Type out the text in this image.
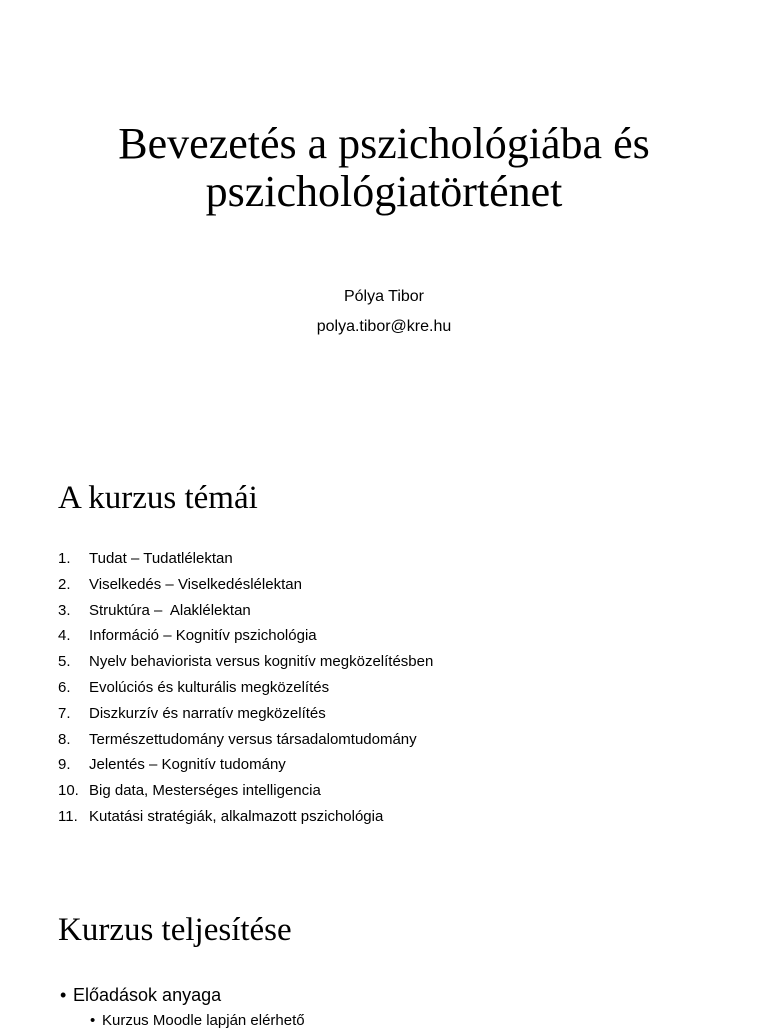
Bevezetés a pszichológiába és
pszichológiatörténet
Pólya Tibor
polya.tibor@kre.hu
A kurzus témái
1.	Tudat – Tudatlélektan
2.	Viselkedés – Viselkedéslélektan
3.	Struktúra –  Alaklélektan
4.	Információ – Kognitív pszichológia
5.	Nyelv behaviorista versus kognitív megközelítésben
6.	Evolúciós és kulturális megközelítés
7.	Diszkurzív és narratív megközelítés
8.	Természettudomány versus társadalomtudomány
9.	Jelentés – Kognitív tudomány
10. Big data, Mesterséges intelligencia
11. Kutatási stratégiák, alkalmazott pszichológia
Kurzus teljesítése
• Előadások anyaga
• Kurzus Moodle lapján elérhető
